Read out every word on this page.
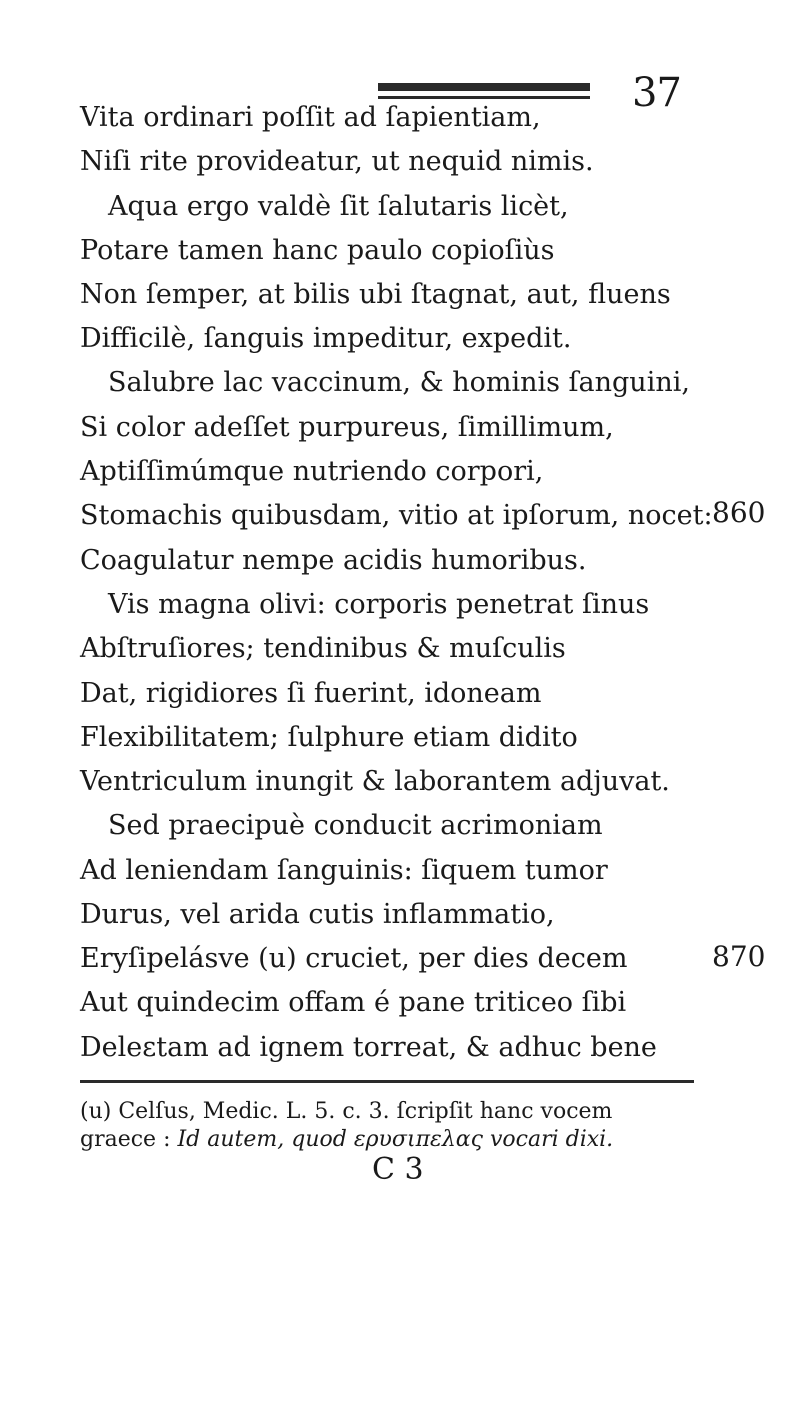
37
Vita ordinari poſſit ad ſapientiam,
Niſi rite provideatur, ut nequid nimis.
Aqua ergo valdè ſit ſalutaris licèt,
Potare tamen hanc paulo copioſiùs
Non ſemper, at bilis ubi ſtagnat, aut, fluens
Difficilè, ſanguis impeditur, expedit.
Salubre lac vaccinum, & hominis ſanguini,
Si color adeſſet purpureus, ſimillimum,
Aptiſſimúmque nutriendo corpori,
Stomachis quibusdam, vitio at ipſorum, nocet:
Coagulatur nempe acidis humoribus.
Vis magna olivi: corporis penetrat ſinus
Abſtruſiores; tendinibus & muſculis
Dat, rigidiores ſi fuerint, idoneam
Flexibilitatem; ſulphure etiam didito
Ventriculum inungit & laborantem adjuvat.
Sed praecipuè conducit acrimoniam
Ad leniendam ſanguinis: ſiquem tumor
Durus, vel arida cutis inflammatio,
860
Eryſipelásve (u) cruciet, per dies decem
Aut quindecim offam é pane triticeo ſibi
Deleɛtam ad ignem torreat, & adhuc bene
870
(u) Celſus, Medic. L. 5. c. 3. ſcripſit hanc vocem
graece : Id autem, quod ερυσιπελας vocari dixi.
C 3
